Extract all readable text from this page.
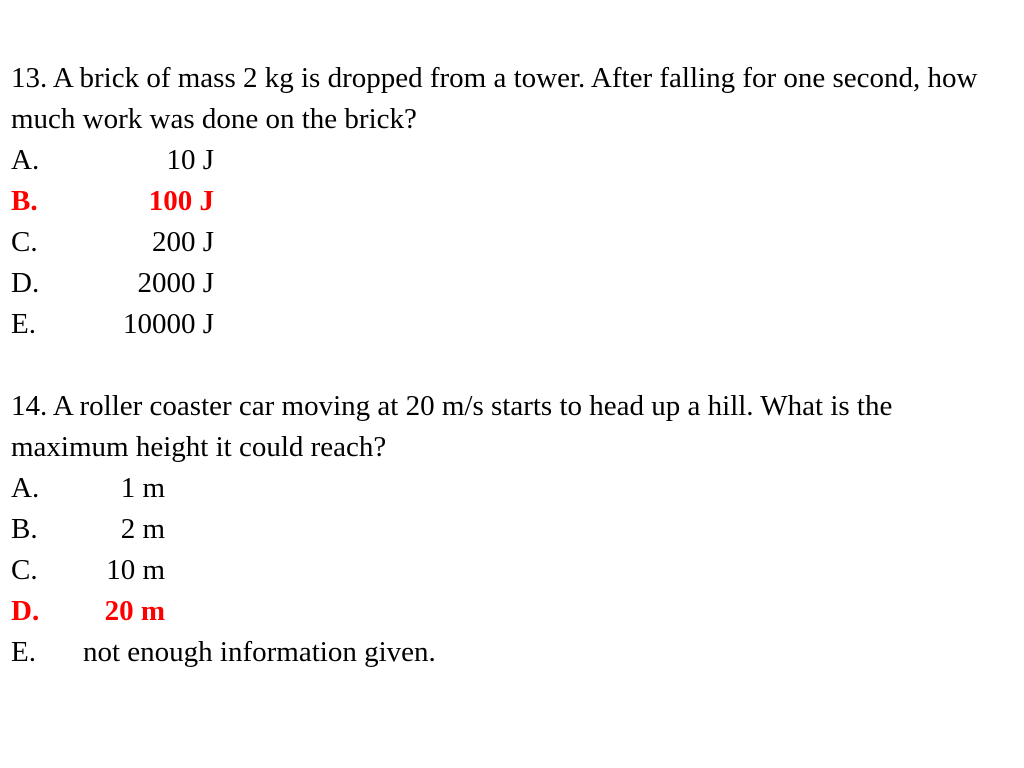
13. A brick of mass 2 kg is dropped from a tower. After falling for one second, how much work was done on the brick?

A.	10 J
B.	100 J
C.	200 J
D.	2000 J
E.	10000 J

14. A roller coaster car moving at 20 m/s starts to head up a hill. What is the maximum height it could reach?

A.	1 m
B.	2 m
C.	10 m
D.	20 m
E. not enough information given.
